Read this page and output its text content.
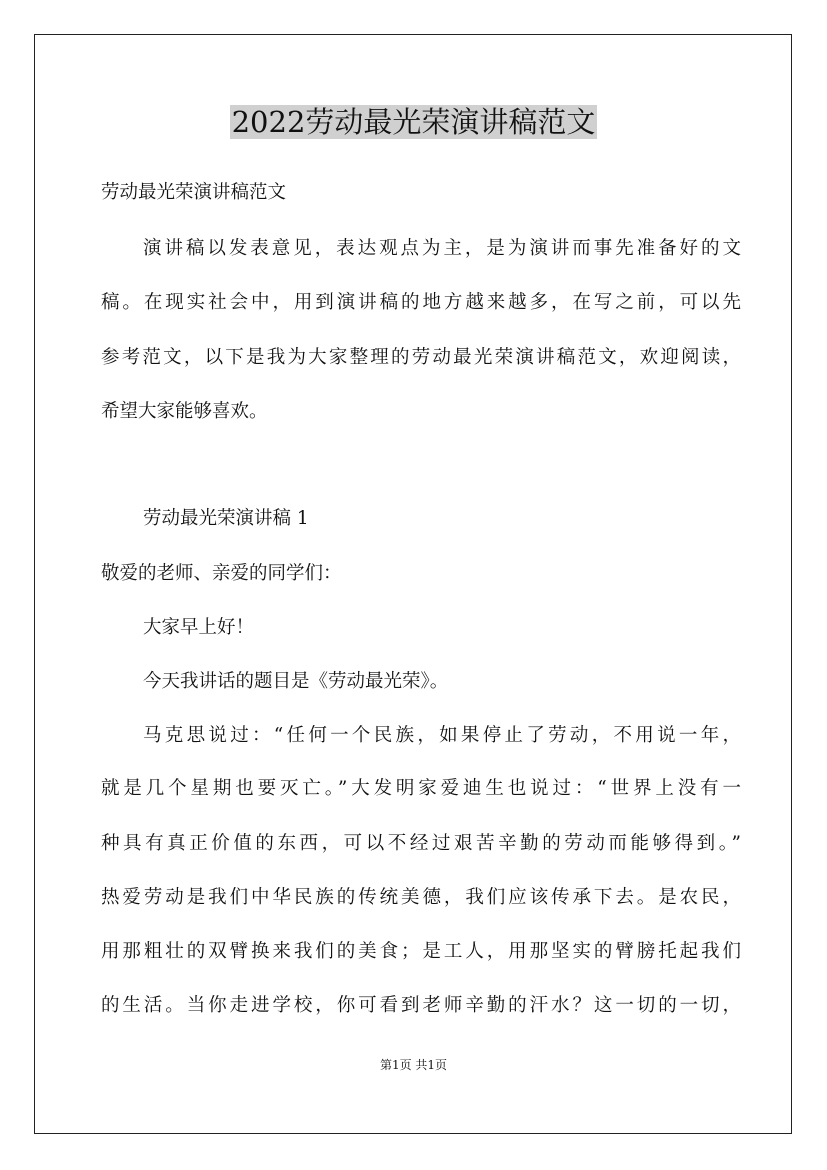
2022劳动最光荣演讲稿范文

劳动最光荣演讲稿范文

演讲稿以发表意见，表达观点为主，是为演讲而事先准备好的文

稿。在现实社会中，用到演讲稿的地方越来越多，在写之前，可以先

参考范文，以下是我为大家整理的劳动最光荣演讲稿范文，欢迎阅读，

希望大家能够喜欢。

劳动最光荣演讲稿 1

敬爱的老师、亲爱的同学们：

大家早上好！

今天我讲话的题目是《劳动最光荣》。

马克思说过：“任何一个民族，如果停止了劳动，不用说一年，

就是几个星期也要灭亡。”大发明家爱迪生也说过：“世界上没有一

种具有真正价值的东西，可以不经过艰苦辛勤的劳动而能够得到。”

热爱劳动是我们中华民族的传统美德，我们应该传承下去。是农民，

用那粗壮的双臂换来我们的美食；是工人，用那坚实的臂膀托起我们

的生活。当你走进学校，你可看到老师辛勤的汗水？这一切的一切，

第1页 共1页
